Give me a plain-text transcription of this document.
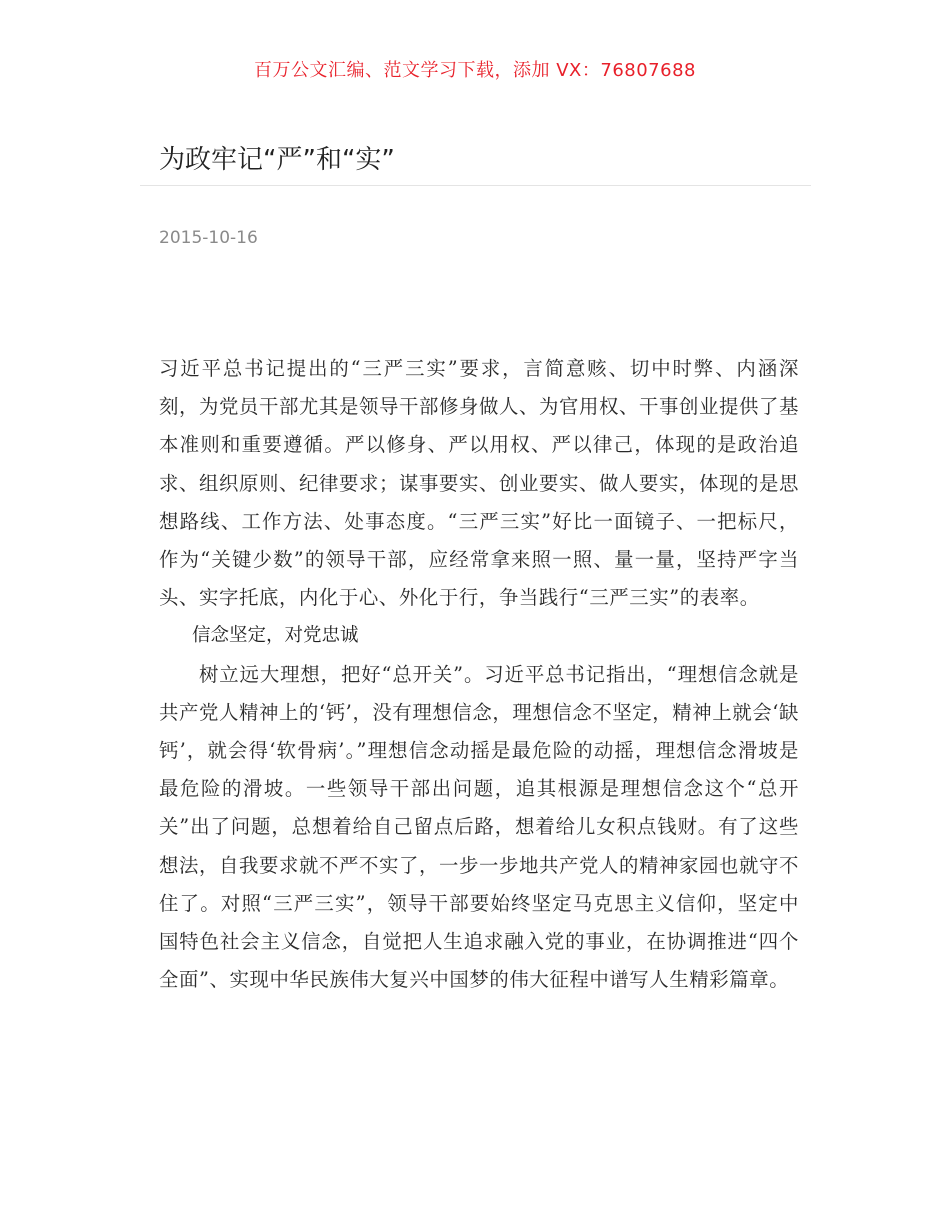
百万公文汇编、范文学习下载，添加 VX：76807688
为政牢记“严”和“实”
2015-10-16

习近平总书记提出的“三严三实”要求，言简意赅、切中时弊、内涵深刻，为党员干部尤其是领导干部修身做人、为官用权、干事创业提供了基本准则和重要遵循。严以修身、严以用权、严以律己，体现的是政治追求、组织原则、纪律要求；谋事要实、创业要实、做人要实，体现的是思想路线、工作方法、处事态度。“三严三实”好比一面镜子、一把标尺，作为“关键少数”的领导干部，应经常拿来照一照、量一量，坚持严字当头、实字托底，内化于心、外化于行，争当践行“三严三实”的表率。

信念坚定，对党忠诚

树立远大理想，把好“总开关”。习近平总书记指出，“理想信念就是共产党人精神上的‘钙’，没有理想信念，理想信念不坚定，精神上就会‘缺钙’，就会得‘软骨病’。”理想信念动摇是最危险的动摇，理想信念滑坡是最危险的滑坡。一些领导干部出问题，追其根源是理想信念这个“总开关”出了问题，总想着给自己留点后路，想着给儿女积点钱财。有了这些想法，自我要求就不严不实了，一步一步地共产党人的精神家园也就守不住了。对照“三严三实”，领导干部要始终坚定马克思主义信仰，坚定中国特色社会主义信念，自觉把人生追求融入党的事业，在协调推进“四个全面”、实现中华民族伟大复兴中国梦的伟大征程中谱写人生精彩篇章。
